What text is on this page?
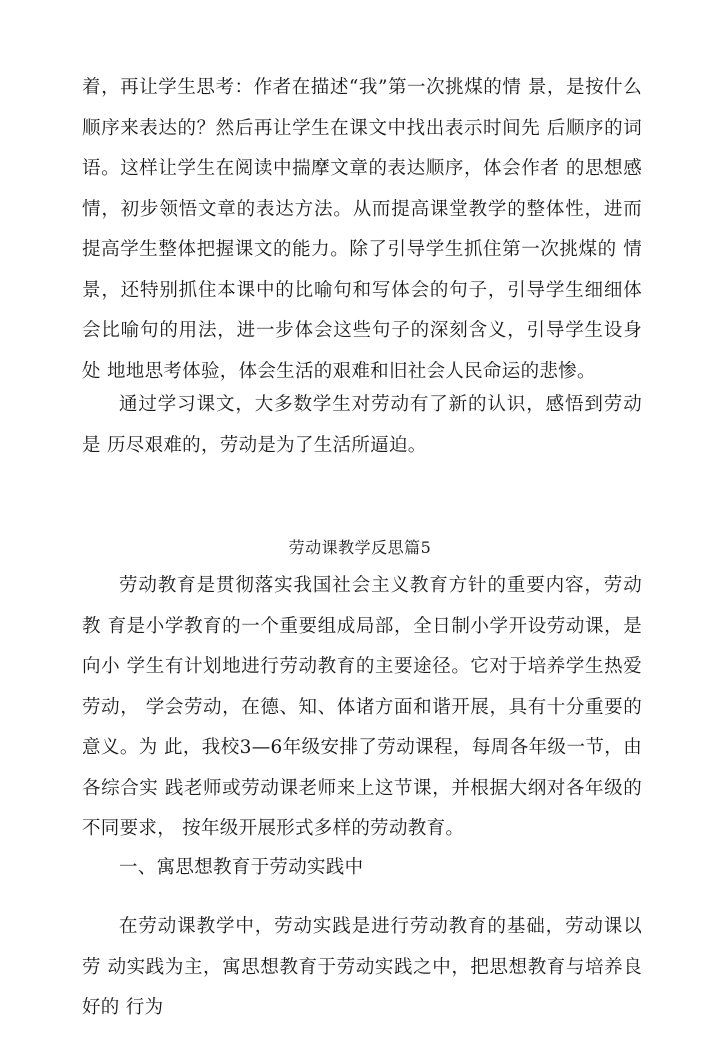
着，再让学生思考：作者在描述“我”第一次挑煤的情 景，是按什么顺序来表达的？然后再让学生在课文中找出表示时间先 后顺序的词语。这样让学生在阅读中揣摩文章的表达顺序，体会作者 的思想感情，初步领悟文章的表达方法。从而提高课堂教学的整体性，进而提高学生整体把握课文的能力。除了引导学生抓住第一次挑煤的 情景，还特别抓住本课中的比喻句和写体会的句子，引导学生细细体 会比喻句的用法，进一步体会这些句子的深刻含义，引导学生设身处 地地思考体验，体会生活的艰难和旧社会人民命运的悲惨。

通过学习课文，大多数学生对劳动有了新的认识，感悟到劳动是 历尽艰难的，劳动是为了生活所逼迫。

劳动课教学反思篇5

劳动教育是贯彻落实我国社会主义教育方针的重要内容，劳动教 育是小学教育的一个重要组成局部，全日制小学开设劳动课，是向小 学生有计划地进行劳动教育的主要途径。它对于培养学生热爱劳动， 学会劳动，在德、知、体诸方面和谐开展，具有十分重要的意义。为 此，我校3—6年级安排了劳动课程，每周各年级一节，由各综合实 践老师或劳动课老师来上这节课，并根据大纲对各年级的不同要求， 按年级开展形式多样的劳动教育。

一、寓思想教育于劳动实践中

在劳动课教学中，劳动实践是进行劳动教育的基础，劳动课以劳 动实践为主，寓思想教育于劳动实践之中，把思想教育与培养良好的 行为
